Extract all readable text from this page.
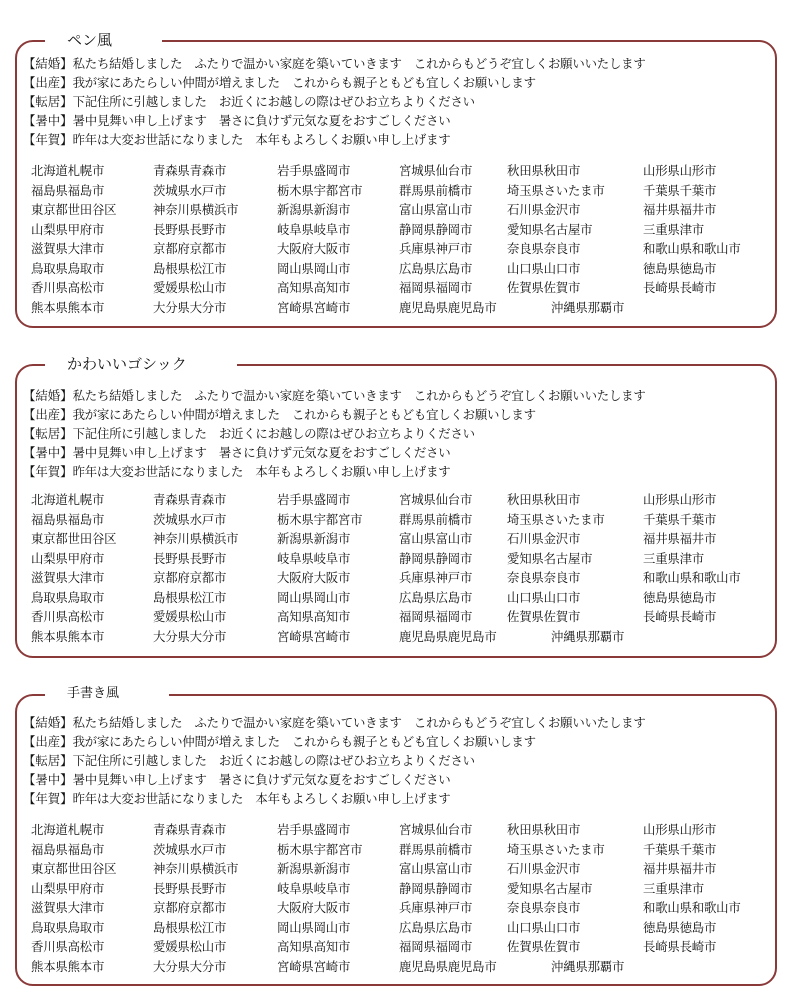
ペン風

【結婚】私たち結婚しました　ふたりで温かい家庭を築いていきます　これからもどうぞ宜しくお願いいたします

【出産】我が家にあたらしい仲間が増えました　これからも親子ともども宜しくお願いします

【転居】下記住所に引越しました　お近くにお越しの際はぜひお立ちよりください

【暑中】暑中見舞い申し上げます　暑さに負けず元気な夏をおすごしください

【年賀】昨年は大変お世話になりました　本年もよろしくお願い申し上げます

北海道札幌市	青森県青森市	岩手県盛岡市	宮城県仙台市	秋田県秋田市	山形県山形市
福島県福島市	茨城県水戸市	栃木県宇都宮市	群馬県前橋市	埼玉県さいたま市	千葉県千葉市
東京都世田谷区	神奈川県横浜市	新潟県新潟市	富山県富山市	石川県金沢市	福井県福井市
山梨県甲府市	長野県長野市	岐阜県岐阜市	静岡県静岡市	愛知県名古屋市	三重県津市
滋賀県大津市	京都府京都市	大阪府大阪市	兵庫県神戸市	奈良県奈良市	和歌山県和歌山市
鳥取県鳥取市	島根県松江市	岡山県岡山市	広島県広島市	山口県山口市	徳島県徳島市
香川県高松市	愛媛県松山市	高知県高知市	福岡県福岡市	佐賀県佐賀市	長崎県長崎市
熊本県熊本市	大分県大分市	宮崎県宮崎市	鹿児島県鹿児島市	沖縄県那覇市
かわいいゴシック

【結婚】私たち結婚しました　ふたりで温かい家庭を築いていきます　これからもどうぞ宜しくお願いいたします

【出産】我が家にあたらしい仲間が増えました　これからも親子ともども宜しくお願いします

【転居】下記住所に引越しました　お近くにお越しの際はぜひお立ちよりください

【暑中】暑中見舞い申し上げます　暑さに負けず元気な夏をおすごしください

【年賀】昨年は大変お世話になりました　本年もよろしくお願い申し上げます

北海道札幌市	青森県青森市	岩手県盛岡市	宮城県仙台市	秋田県秋田市	山形県山形市
福島県福島市	茨城県水戸市	栃木県宇都宮市	群馬県前橋市	埼玉県さいたま市	千葉県千葉市
東京都世田谷区	神奈川県横浜市	新潟県新潟市	富山県富山市	石川県金沢市	福井県福井市
山梨県甲府市	長野県長野市	岐阜県岐阜市	静岡県静岡市	愛知県名古屋市	三重県津市
滋賀県大津市	京都府京都市	大阪府大阪市	兵庫県神戸市	奈良県奈良市	和歌山県和歌山市
鳥取県鳥取市	島根県松江市	岡山県岡山市	広島県広島市	山口県山口市	徳島県徳島市
香川県高松市	愛媛県松山市	高知県高知市	福岡県福岡市	佐賀県佐賀市	長崎県長崎市
熊本県熊本市	大分県大分市	宮崎県宮崎市	鹿児島県鹿児島市	沖縄県那覇市
手書き風

【結婚】私たち結婚しました　ふたりで温かい家庭を築いていきます　これからもどうぞ宜しくお願いいたします

【出産】我が家にあたらしい仲間が増えました　これからも親子ともども宜しくお願いします

【転居】下記住所に引越しました　お近くにお越しの際はぜひお立ちよりください

【暑中】暑中見舞い申し上げます　暑さに負けず元気な夏をおすごしください

【年賀】昨年は大変お世話になりました　本年もよろしくお願い申し上げます

北海道札幌市	青森県青森市	岩手県盛岡市	宮城県仙台市	秋田県秋田市	山形県山形市
福島県福島市	茨城県水戸市	栃木県宇都宮市	群馬県前橋市	埼玉県さいたま市	千葉県千葉市
東京都世田谷区	神奈川県横浜市	新潟県新潟市	富山県富山市	石川県金沢市	福井県福井市
山梨県甲府市	長野県長野市	岐阜県岐阜市	静岡県静岡市	愛知県名古屋市	三重県津市
滋賀県大津市	京都府京都市	大阪府大阪市	兵庫県神戸市	奈良県奈良市	和歌山県和歌山市
鳥取県鳥取市	島根県松江市	岡山県岡山市	広島県広島市	山口県山口市	徳島県徳島市
香川県高松市	愛媛県松山市	高知県高知市	福岡県福岡市	佐賀県佐賀市	長崎県長崎市
熊本県熊本市	大分県大分市	宮崎県宮崎市	鹿児島県鹿児島市	沖縄県那覇市
